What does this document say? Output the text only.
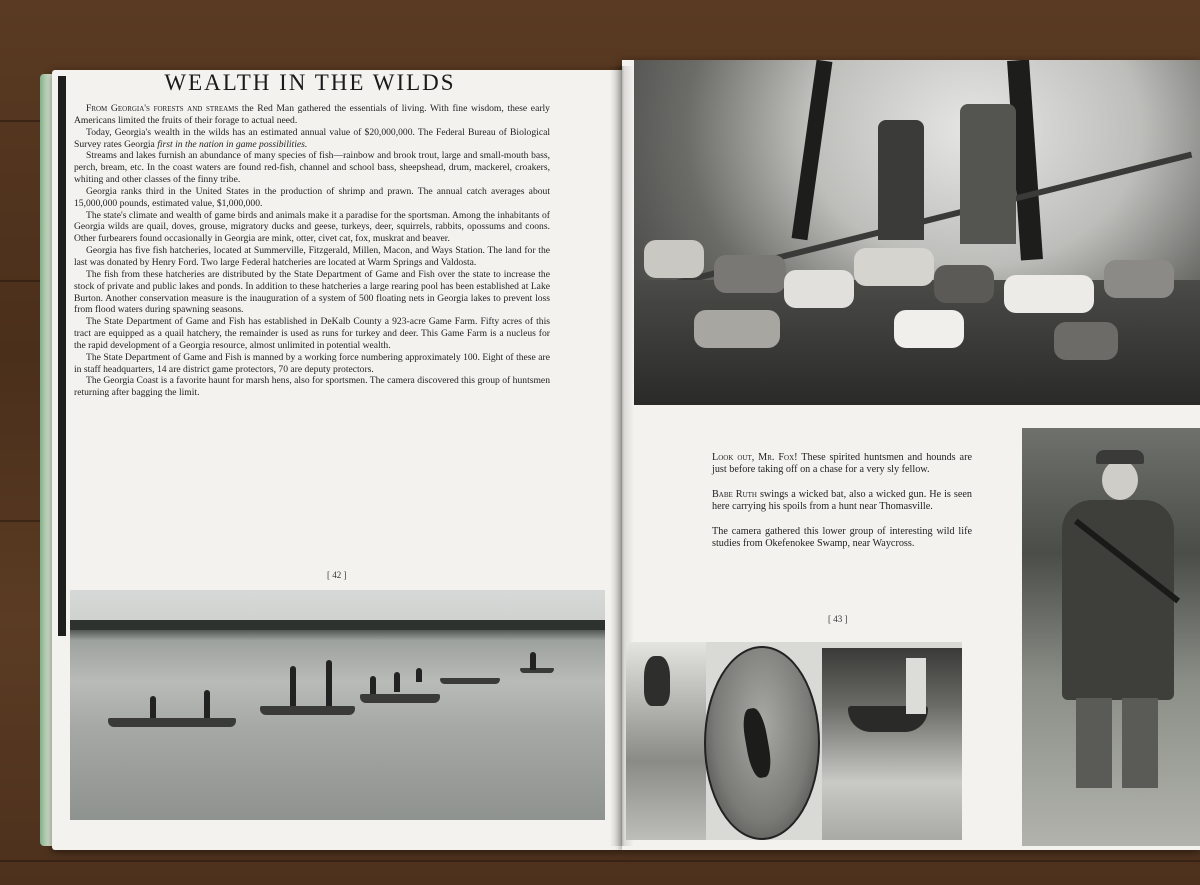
WEALTH IN THE WILDS

From Georgia's forests and streams the Red Man gathered the essentials of living. With fine wisdom, these early Americans limited the fruits of their forage to actual need.

Today, Georgia's wealth in the wilds has an estimated annual value of $20,000,000. The Federal Bureau of Biological Survey rates Georgia first in the nation in game possibilities.

Streams and lakes furnish an abundance of many species of fish—rainbow and brook trout, large and small-mouth bass, perch, bream, etc. In the coast waters are found red-fish, channel and school bass, sheepshead, drum, mackerel, croakers, whiting and other classes of the finny tribe.

Georgia ranks third in the United States in the production of shrimp and prawn. The annual catch averages about 15,000,000 pounds, estimated value, $1,000,000.

The state's climate and wealth of game birds and animals make it a paradise for the sportsman. Among the inhabitants of Georgia wilds are quail, doves, grouse, migratory ducks and geese, turkeys, deer, squirrels, rabbits, opossums and coons. Other furbearers found occasionally in Georgia are mink, otter, civet cat, fox, muskrat and beaver.

Georgia has five fish hatcheries, located at Summerville, Fitzgerald, Millen, Macon, and Ways Station. The land for the last was donated by Henry Ford. Two large Federal hatcheries are located at Warm Springs and Valdosta.

The fish from these hatcheries are distributed by the State Department of Game and Fish over the state to increase the stock of private and public lakes and ponds. In addition to these hatcheries a large rearing pool has been established at Lake Burton. Another conservation measure is the inauguration of a system of 500 floating nets in Georgia lakes to prevent loss from flood waters during spawning seasons.

The State Department of Game and Fish has established in DeKalb County a 923-acre Game Farm. Fifty acres of this tract are equipped as a quail hatchery, the remainder is used as runs for turkey and deer. This Game Farm is a nucleus for the rapid development of a Georgia resource, almost unlimited in potential wealth.

The State Department of Game and Fish is manned by a working force numbering approximately 100. Eight of these are in staff headquarters, 14 are district game protectors, 70 are deputy protectors.

The Georgia Coast is a favorite haunt for marsh hens, also for sportsmen. The camera discovered this group of huntsmen returning after bagging the limit.

[ 42 ]

Look out, Mr. Fox! These spirited huntsmen and hounds are just before taking off on a chase for a very sly fellow.

Babe Ruth swings a wicked bat, also a wicked gun. He is seen here carrying his spoils from a hunt near Thomasville.

The camera gathered this lower group of interesting wild life studies from Okefenokee Swamp, near Waycross.

[ 43 ]
